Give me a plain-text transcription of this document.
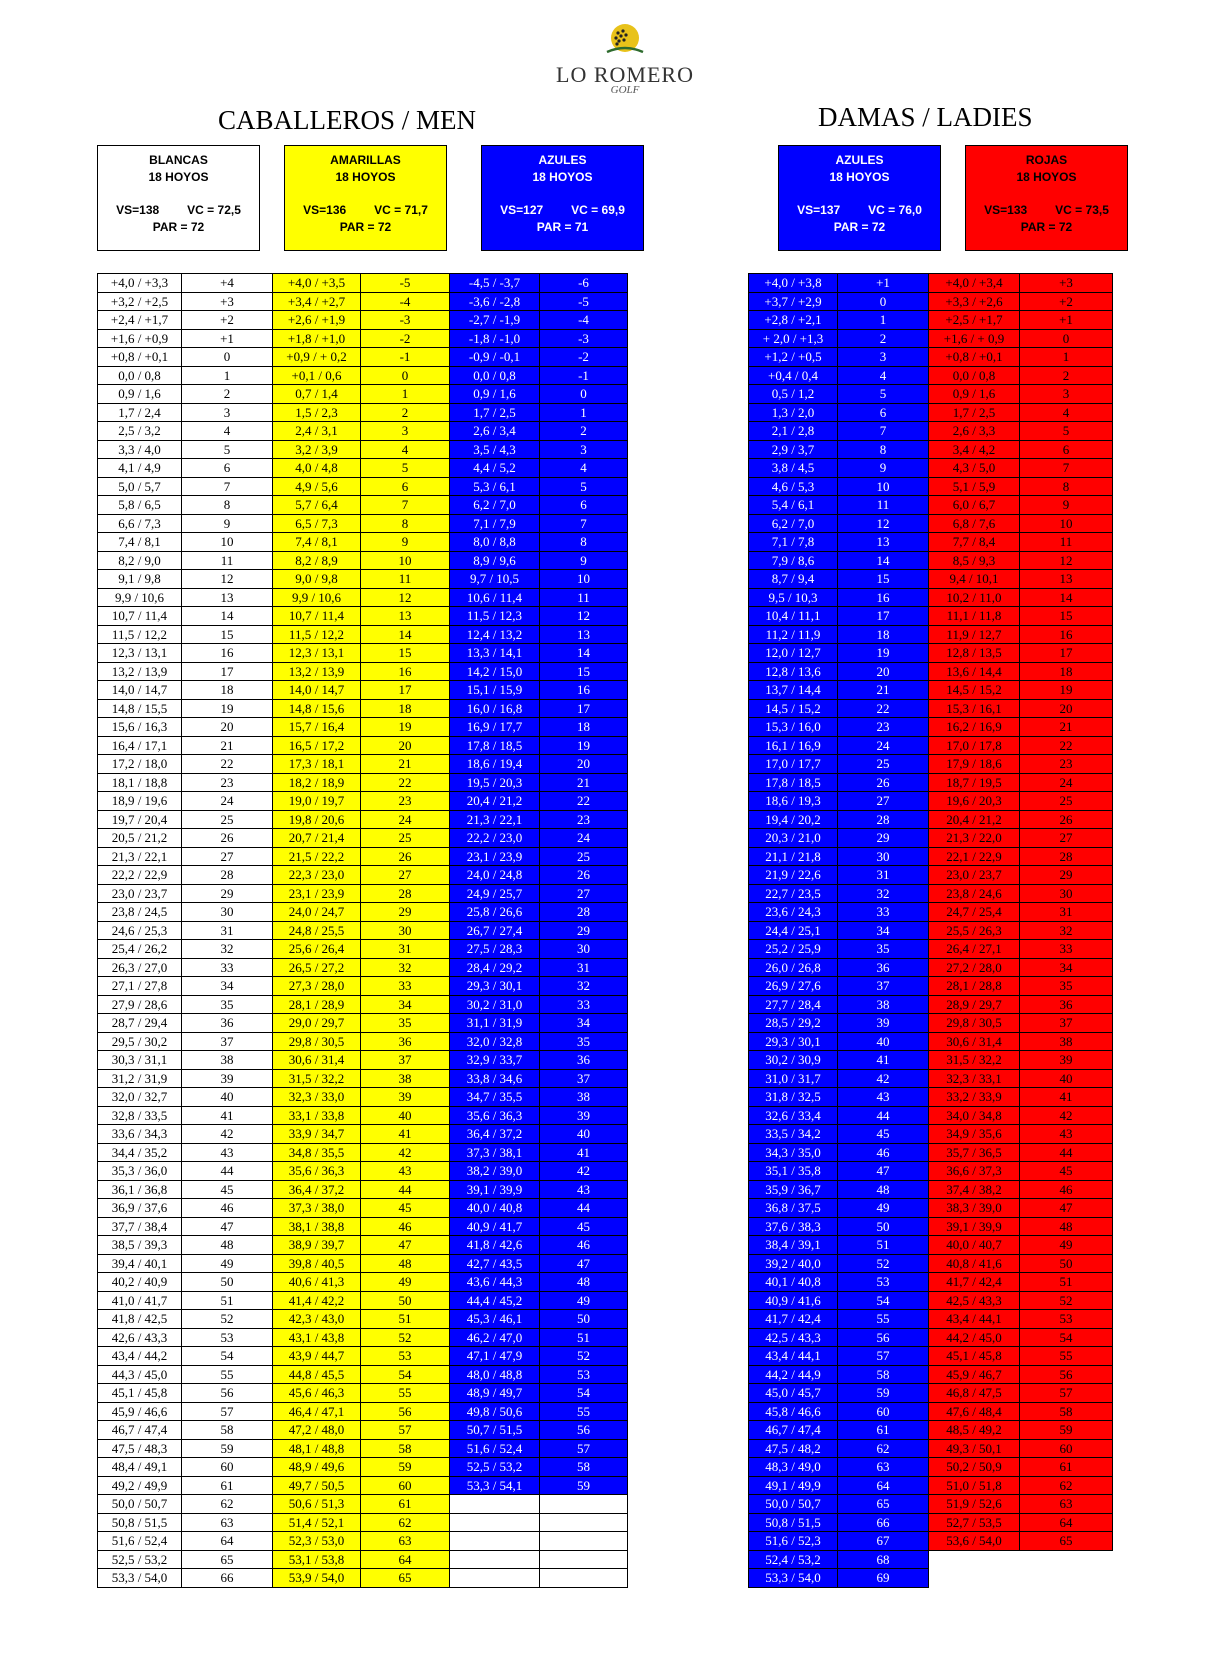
LO ROMERO
GOLF
CABALLEROS / MEN	DAMAS / LADIES
BLANCAS
18 HOYOS
VS=138 VC = 72,5
PAR = 72
AMARILLAS
18 HOYOS
VS=136 VC = 71,7
PAR = 72
AZULES
18 HOYOS
VS=127 VC = 69,9
PAR = 71
AZULES
18 HOYOS
VS=137 VC = 76,0
PAR = 72
ROJAS
18 HOYOS
VS=133 VC = 73,5
PAR = 72
+4,0 / +3,3	+4	+4,0 / +3,5	-5	-4,5 / -3,7	-6
+3,2 / +2,5	+3	+3,4 / +2,7	-4	-3,6 / -2,8	-5
+2,4 / +1,7	+2	+2,6 / +1,9	-3	-2,7 / -1,9	-4
+1,6 / +0,9	+1	+1,8 / +1,0	-2	-1,8 / -1,0	-3
+0,8 / +0,1	0	+0,9 / + 0,2	-1	-0,9 / -0,1	-2
0,0 / 0,8	1	+0,1 / 0,6	0	0,0 / 0,8	-1
0,9 / 1,6	2	0,7 / 1,4	1	0,9 / 1,6	0
1,7 / 2,4	3	1,5 / 2,3	2	1,7 / 2,5	1
2,5 / 3,2	4	2,4 / 3,1	3	2,6 / 3,4	2
3,3 / 4,0	5	3,2 / 3,9	4	3,5 / 4,3	3
4,1 / 4,9	6	4,0 / 4,8	5	4,4 / 5,2	4
5,0 / 5,7	7	4,9 / 5,6	6	5,3 / 6,1	5
5,8 / 6,5	8	5,7 / 6,4	7	6,2 / 7,0	6
6,6 / 7,3	9	6,5 / 7,3	8	7,1 / 7,9	7
7,4 / 8,1	10	7,4 / 8,1	9	8,0 / 8,8	8
8,2 / 9,0	11	8,2 / 8,9	10	8,9 / 9,6	9
9,1 / 9,8	12	9,0 / 9,8	11	9,7 / 10,5	10
9,9 / 10,6	13	9,9 / 10,6	12	10,6 / 11,4	11
10,7 / 11,4	14	10,7 / 11,4	13	11,5 / 12,3	12
11,5 / 12,2	15	11,5 / 12,2	14	12,4 / 13,2	13
12,3 / 13,1	16	12,3 / 13,1	15	13,3 / 14,1	14
13,2 / 13,9	17	13,2 / 13,9	16	14,2 / 15,0	15
14,0 / 14,7	18	14,0 / 14,7	17	15,1 / 15,9	16
14,8 / 15,5	19	14,8 / 15,6	18	16,0 / 16,8	17
15,6 / 16,3	20	15,7 / 16,4	19	16,9 / 17,7	18
16,4 / 17,1	21	16,5 / 17,2	20	17,8 / 18,5	19
17,2 / 18,0	22	17,3 / 18,1	21	18,6 / 19,4	20
18,1 / 18,8	23	18,2 / 18,9	22	19,5 / 20,3	21
18,9 / 19,6	24	19,0 / 19,7	23	20,4 / 21,2	22
19,7 / 20,4	25	19,8 / 20,6	24	21,3 / 22,1	23
20,5 / 21,2	26	20,7 / 21,4	25	22,2 / 23,0	24
21,3 / 22,1	27	21,5 / 22,2	26	23,1 / 23,9	25
22,2 / 22,9	28	22,3 / 23,0	27	24,0 / 24,8	26
23,0 / 23,7	29	23,1 / 23,9	28	24,9 / 25,7	27
23,8 / 24,5	30	24,0 / 24,7	29	25,8 / 26,6	28
24,6 / 25,3	31	24,8 / 25,5	30	26,7 / 27,4	29
25,4 / 26,2	32	25,6 / 26,4	31	27,5 / 28,3	30
26,3 / 27,0	33	26,5 / 27,2	32	28,4 / 29,2	31
27,1 / 27,8	34	27,3 / 28,0	33	29,3 / 30,1	32
27,9 / 28,6	35	28,1 / 28,9	34	30,2 / 31,0	33
28,7 / 29,4	36	29,0 / 29,7	35	31,1 / 31,9	34
29,5 / 30,2	37	29,8 / 30,5	36	32,0 / 32,8	35
30,3 / 31,1	38	30,6 / 31,4	37	32,9 / 33,7	36
31,2 / 31,9	39	31,5 / 32,2	38	33,8 / 34,6	37
32,0 / 32,7	40	32,3 / 33,0	39	34,7 / 35,5	38
32,8 / 33,5	41	33,1 / 33,8	40	35,6 / 36,3	39
33,6 / 34,3	42	33,9 / 34,7	41	36,4 / 37,2	40
34,4 / 35,2	43	34,8 / 35,5	42	37,3 / 38,1	41
35,3 / 36,0	44	35,6 / 36,3	43	38,2 / 39,0	42
36,1 / 36,8	45	36,4 / 37,2	44	39,1 / 39,9	43
36,9 / 37,6	46	37,3 / 38,0	45	40,0 / 40,8	44
37,7 / 38,4	47	38,1 / 38,8	46	40,9 / 41,7	45
38,5 / 39,3	48	38,9 / 39,7	47	41,8 / 42,6	46
39,4 / 40,1	49	39,8 / 40,5	48	42,7 / 43,5	47
40,2 / 40,9	50	40,6 / 41,3	49	43,6 / 44,3	48
41,0 / 41,7	51	41,4 / 42,2	50	44,4 / 45,2	49
41,8 / 42,5	52	42,3 / 43,0	51	45,3 / 46,1	50
42,6 / 43,3	53	43,1 / 43,8	52	46,2 / 47,0	51
43,4 / 44,2	54	43,9 / 44,7	53	47,1 / 47,9	52
44,3 / 45,0	55	44,8 / 45,5	54	48,0 / 48,8	53
45,1 / 45,8	56	45,6 / 46,3	55	48,9 / 49,7	54
45,9 / 46,6	57	46,4 / 47,1	56	49,8 / 50,6	55
46,7 / 47,4	58	47,2 / 48,0	57	50,7 / 51,5	56
47,5 / 48,3	59	48,1 / 48,8	58	51,6 / 52,4	57
48,4 / 49,1	60	48,9 / 49,6	59	52,5 / 53,2	58
49,2 / 49,9	61	49,7 / 50,5	60	53,3 / 54,1	59
50,0 / 50,7	62	50,6 / 51,3	61		
50,8 / 51,5	63	51,4 / 52,1	62		
51,6 / 52,4	64	52,3 / 53,0	63		
52,5 / 53,2	65	53,1 / 53,8	64		
53,3 / 54,0	66	53,9 / 54,0	65		
+4,0 / +3,8	+1	+4,0 / +3,4	+3
+3,7 / +2,9	0	+3,3 / +2,6	+2
+2,8 / +2,1	1	+2,5 / +1,7	+1
+ 2,0 / +1,3	2	+1,6 / + 0,9	0
+1,2 / +0,5	3	+0,8 / +0,1	1
+0,4 / 0,4	4	0,0 / 0,8	2
0,5 / 1,2	5	0,9 / 1,6	3
1,3 / 2,0	6	1,7 / 2,5	4
2,1 / 2,8	7	2,6 / 3,3	5
2,9 / 3,7	8	3,4 / 4,2	6
3,8 / 4,5	9	4,3 / 5,0	7
4,6 / 5,3	10	5,1 / 5,9	8
5,4 / 6,1	11	6,0 / 6,7	9
6,2 / 7,0	12	6,8 / 7,6	10
7,1 / 7,8	13	7,7 / 8,4	11
7,9 / 8,6	14	8,5 / 9,3	12
8,7 / 9,4	15	9,4 / 10,1	13
9,5 / 10,3	16	10,2 / 11,0	14
10,4 / 11,1	17	11,1 / 11,8	15
11,2 / 11,9	18	11,9 / 12,7	16
12,0 / 12,7	19	12,8 / 13,5	17
12,8 / 13,6	20	13,6 / 14,4	18
13,7 / 14,4	21	14,5 / 15,2	19
14,5 / 15,2	22	15,3 / 16,1	20
15,3 / 16,0	23	16,2 / 16,9	21
16,1 / 16,9	24	17,0 / 17,8	22
17,0 / 17,7	25	17,9 / 18,6	23
17,8 / 18,5	26	18,7 / 19,5	24
18,6 / 19,3	27	19,6 / 20,3	25
19,4 / 20,2	28	20,4 / 21,2	26
20,3 / 21,0	29	21,3 / 22,0	27
21,1 / 21,8	30	22,1 / 22,9	28
21,9 / 22,6	31	23,0 / 23,7	29
22,7 / 23,5	32	23,8 / 24,6	30
23,6 / 24,3	33	24,7 / 25,4	31
24,4 / 25,1	34	25,5 / 26,3	32
25,2 / 25,9	35	26,4 / 27,1	33
26,0 / 26,8	36	27,2 / 28,0	34
26,9 / 27,6	37	28,1 / 28,8	35
27,7 / 28,4	38	28,9 / 29,7	36
28,5 / 29,2	39	29,8 / 30,5	37
29,3 / 30,1	40	30,6 / 31,4	38
30,2 / 30,9	41	31,5 / 32,2	39
31,0 / 31,7	42	32,3 / 33,1	40
31,8 / 32,5	43	33,2 / 33,9	41
32,6 / 33,4	44	34,0 / 34,8	42
33,5 / 34,2	45	34,9 / 35,6	43
34,3 / 35,0	46	35,7 / 36,5	44
35,1 / 35,8	47	36,6 / 37,3	45
35,9 / 36,7	48	37,4 / 38,2	46
36,8 / 37,5	49	38,3 / 39,0	47
37,6 / 38,3	50	39,1 / 39,9	48
38,4 / 39,1	51	40,0 / 40,7	49
39,2 / 40,0	52	40,8 / 41,6	50
40,1 / 40,8	53	41,7 / 42,4	51
40,9 / 41,6	54	42,5 / 43,3	52
41,7 / 42,4	55	43,4 / 44,1	53
42,5 / 43,3	56	44,2 / 45,0	54
43,4 / 44,1	57	45,1 / 45,8	55
44,2 / 44,9	58	45,9 / 46,7	56
45,0 / 45,7	59	46,8 / 47,5	57
45,8 / 46,6	60	47,6 / 48,4	58
46,7 / 47,4	61	48,5 / 49,2	59
47,5 / 48,2	62	49,3 / 50,1	60
48,3 / 49,0	63	50,2 / 50,9	61
49,1 / 49,9	64	51,0 / 51,8	62
50,0 / 50,7	65	51,9 / 52,6	63
50,8 / 51,5	66	52,7 / 53,5	64
51,6 / 52,3	67	53,6 / 54,0	65
52,4 / 53,2	68		
53,3 / 54,0	69		
